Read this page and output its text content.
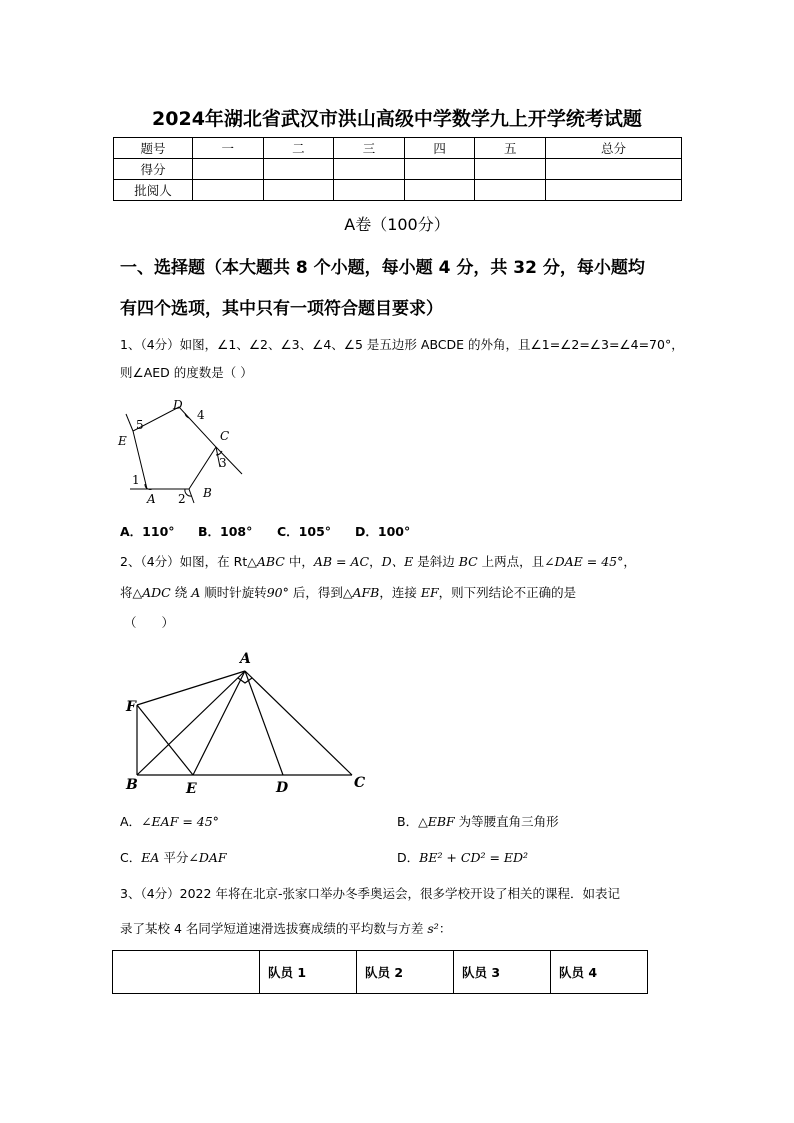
2024年湖北省武汉市洪山高级中学数学九上开学统考试题
题号	一	二	三	四	五	总分
得分						
批阅人						
A卷（100分）
一、选择题（本大题共 8 个小题，每小题 4 分，共 32 分，每小题均
有四个选项，其中只有一项符合题目要求）
1、（4分）如图，∠1、∠2、∠3、∠4、∠5 是五边形 ABCDE 的外角，且∠1=∠2=∠3=∠4=70°，
则∠AED 的度数是（ ）
A	B
C
D
E
1
2
3
4
5
A．110° B．108° C．105° D．100°
2、（4分）如图，在 Rt△ABC 中，AB = AC，D、E 是斜边 BC 上两点，且∠DAE = 45°，
将△ADC 绕 A 顺时针旋转90° 后，得到△AFB，连接 EF，则下列结论不正确的是
（　　）
A
B	C
D
E
F
A．∠EAF = 45°	B．△EBF 为等腰直角三角形
C．EA 平分∠DAF	D．BE² + CD² = ED²
3、（4分）2022 年将在北京-张家口举办冬季奥运会，很多学校开设了相关的课程．如表记
录了某校 4 名同学短道速滑选拔赛成绩的平均数与方差 s²：
	队员 1	队员 2	队员 3	队员 4
